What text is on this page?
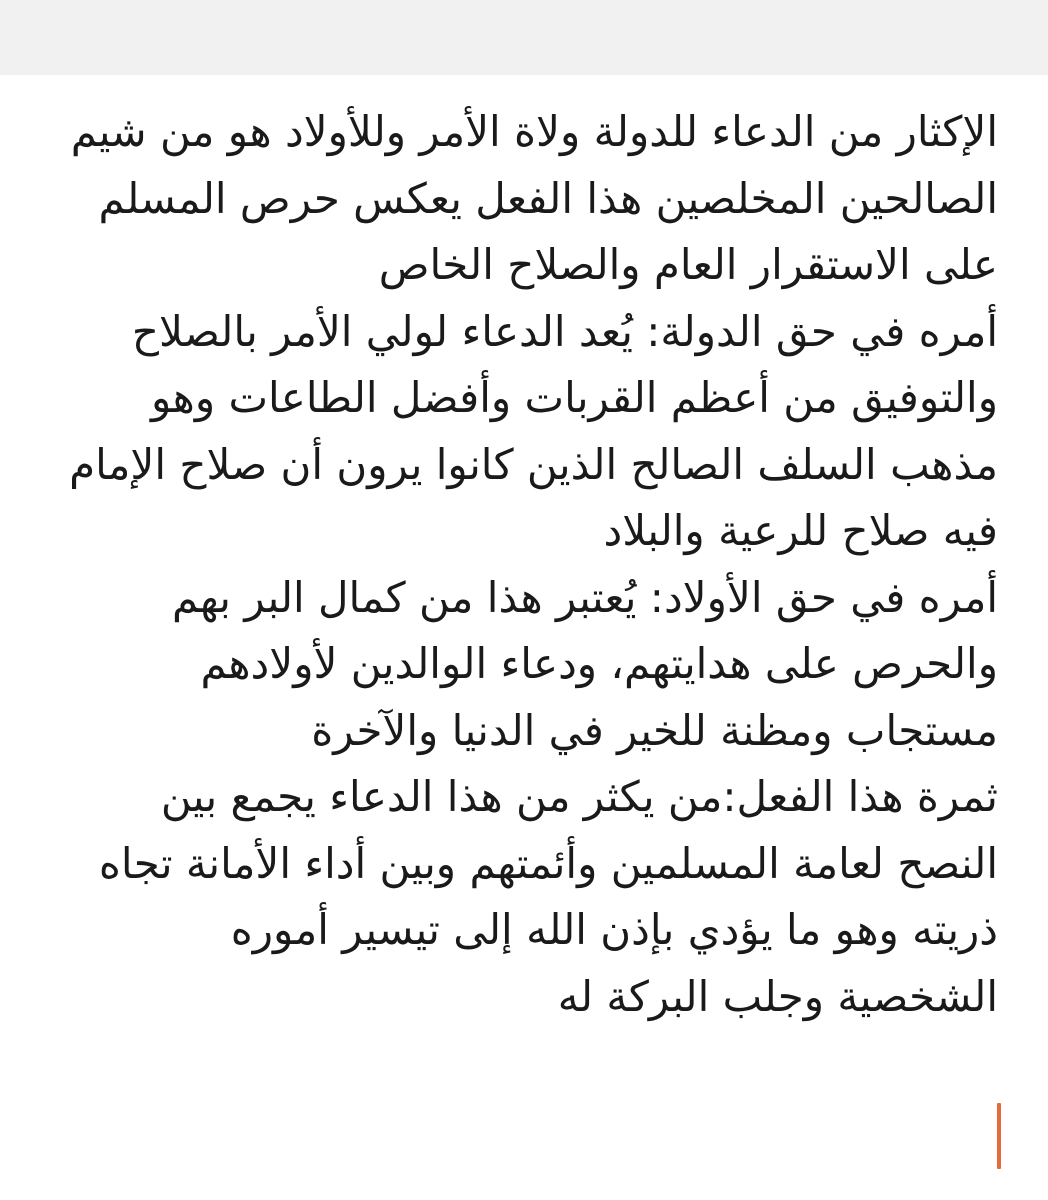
الإكثار من الدعاء للدولة ولاة الأمر وللأولاد هو من شيم
الصالحين المخلصين هذا الفعل يعكس حرص المسلم
على الاستقرار العام والصلاح الخاص
أمره في حق الدولة: يُعد الدعاء لولي الأمر بالصلاح
والتوفيق من أعظم القربات وأفضل الطاعات وهو
مذهب السلف الصالح الذين كانوا يرون أن صلاح الإمام
فيه صلاح للرعية والبلاد
أمره في حق الأولاد: يُعتبر هذا من كمال البر بهم
والحرص على هدايتهم، ودعاء الوالدين لأولادهم
مستجاب ومظنة للخير في الدنيا والآخرة
ثمرة هذا الفعل:من يكثر من هذا الدعاء يجمع بين
النصح لعامة المسلمين وأئمتهم وبين أداء الأمانة تجاه
ذريته وهو ما يؤدي بإذن الله إلى تيسير أموره
الشخصية وجلب البركة له
